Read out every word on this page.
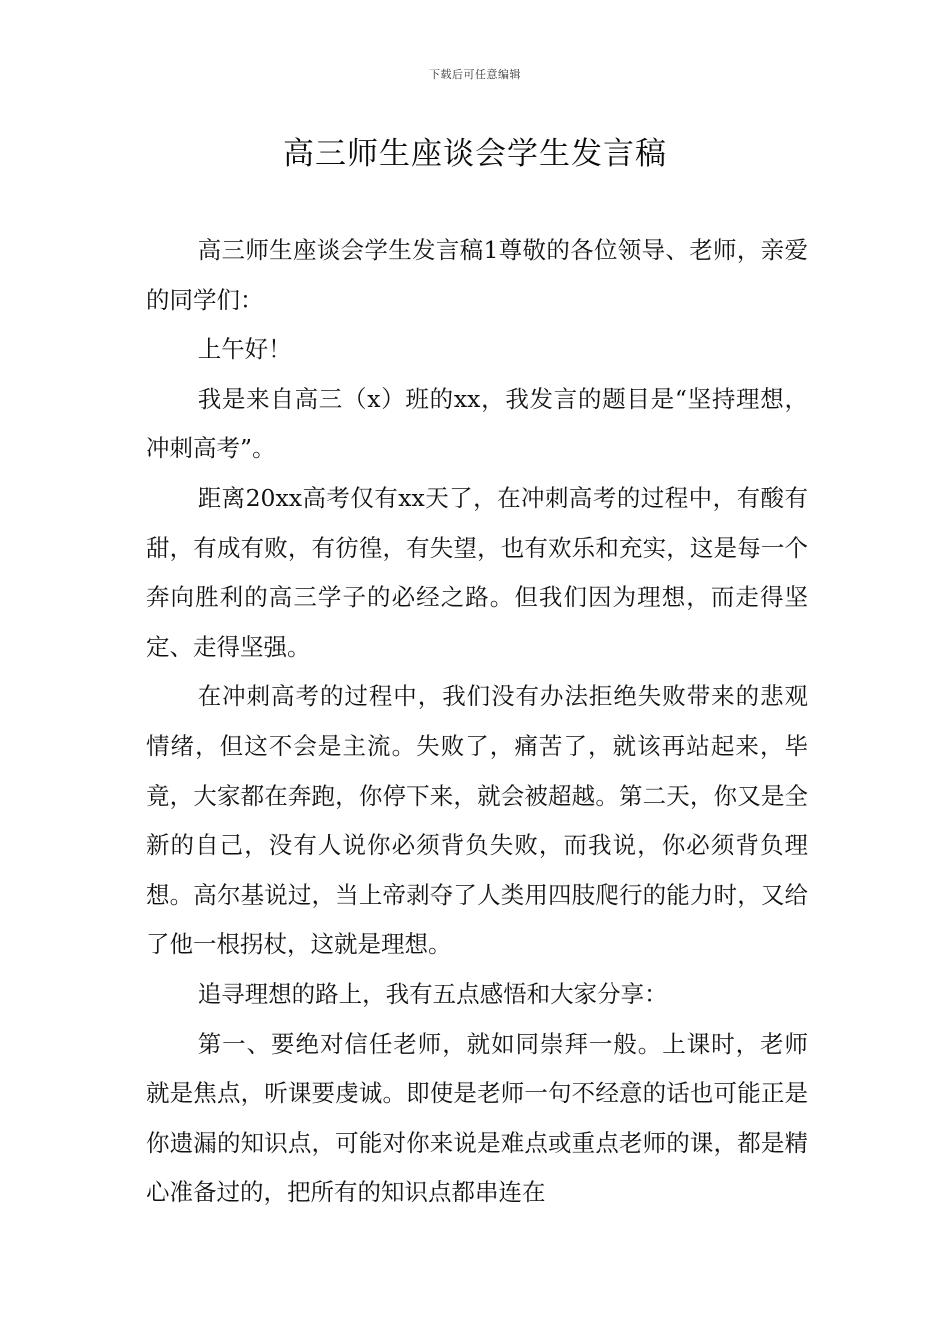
下载后可任意编辑
高三师生座谈会学生发言稿

高三师生座谈会学生发言稿1尊敬的各位领导、老师，亲爱的同学们：

上午好！

我是来自高三（x）班的xx，我发言的题目是“坚持理想，冲刺高考”。

距离20xx高考仅有xx天了，在冲刺高考的过程中，有酸有甜，有成有败，有彷徨，有失望，也有欢乐和充实，这是每一个奔向胜利的高三学子的必经之路。但我们因为理想，而走得坚定、走得坚强。

在冲刺高考的过程中，我们没有办法拒绝失败带来的悲观情绪，但这不会是主流。失败了，痛苦了，就该再站起来，毕竟，大家都在奔跑，你停下来，就会被超越。第二天，你又是全新的自己，没有人说你必须背负失败，而我说，你必须背负理想。高尔基说过，当上帝剥夺了人类用四肢爬行的能力时，又给了他一根拐杖，这就是理想。

追寻理想的路上，我有五点感悟和大家分享：

第一、要绝对信任老师，就如同崇拜一般。上课时，老师就是焦点，听课要虔诚。即使是老师一句不经意的话也可能正是你遗漏的知识点，可能对你来说是难点或重点老师的课，都是精心准备过的，把所有的知识点都串连在
